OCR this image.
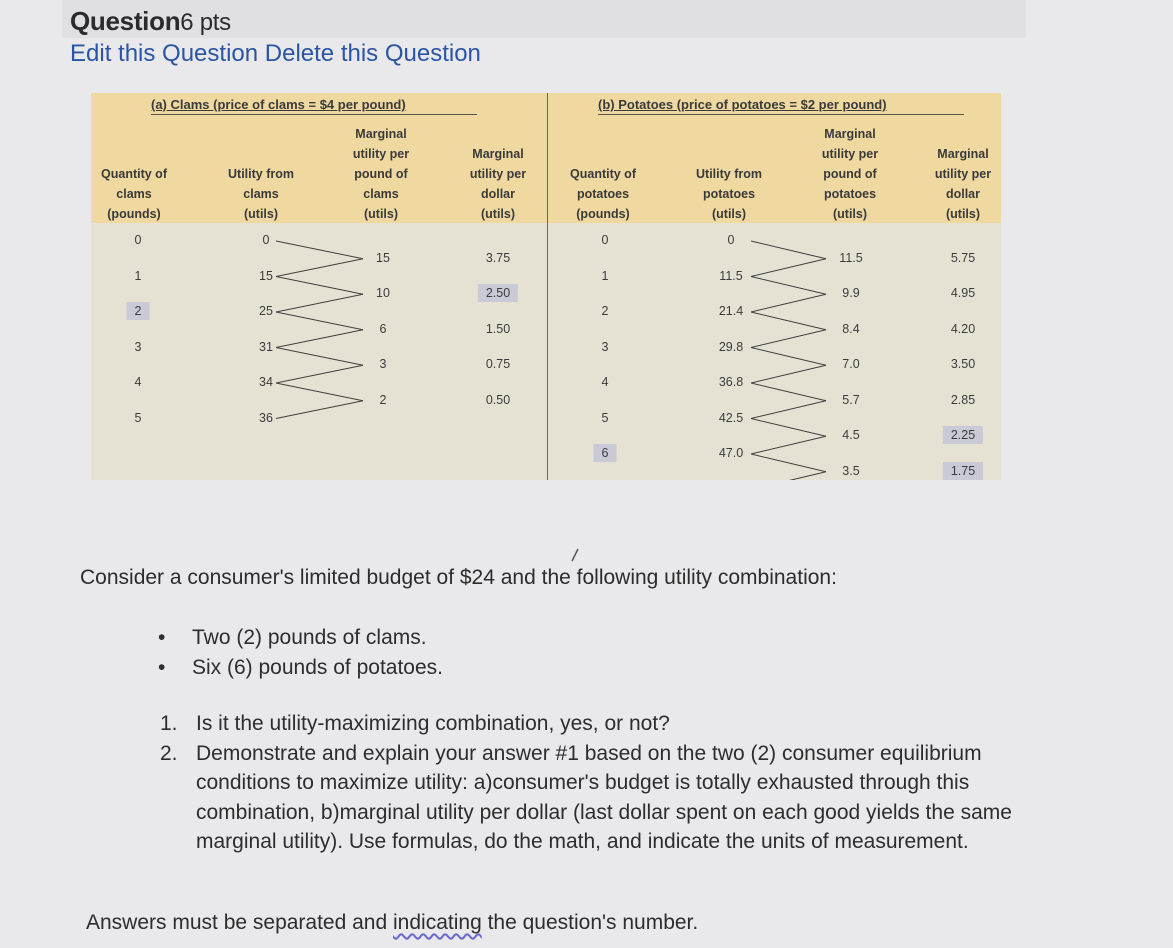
Question6 pts
Edit this Question Delete this Question
(a) Clams (price of clams = $4 per pound)	(b) Potatoes (price of potatoes = $2 per pound)
Quantity of
clams
(pounds)
Utility from
clams
(utils)
Marginal
utility per
pound of
clams
(utils)
Marginal
utility per
dollar
(utils)
Quantity of
potatoes
(pounds)
Utility from
potatoes
(utils)
Marginal
utility per
pound of
potatoes
(utils)
Marginal
utility per
dollar
(utils)
0
1
2
3
4
5
0
15
25
31
34
36
15
10
6
3
2
3.75
2.50
1.50
0.75
0.50
0
1
2
3
4
5
6
0
11.5
21.4
29.8
36.8
42.5
47.0
11.5
9.9
8.4
7.0
5.7
4.5
3.5
5.75
4.95
4.20
3.50
2.85
2.25
1.75

Consider a consumer's limited budget of $24 and the following utility combination:

• Two (2) pounds of clams.
• Six (6) pounds of potatoes.
1. Is it the utility-maximizing combination, yes, or not?
2. Demonstrate and explain your answer #1 based on the two (2) consumer equilibrium conditions to maximize utility: a)consumer's budget is totally exhausted through this combination, b)marginal utility per dollar (last dollar spent on each good yields the same marginal utility). Use formulas, do the math, and indicate the units of measurement.

Answers must be separated and indicating the question's number.
